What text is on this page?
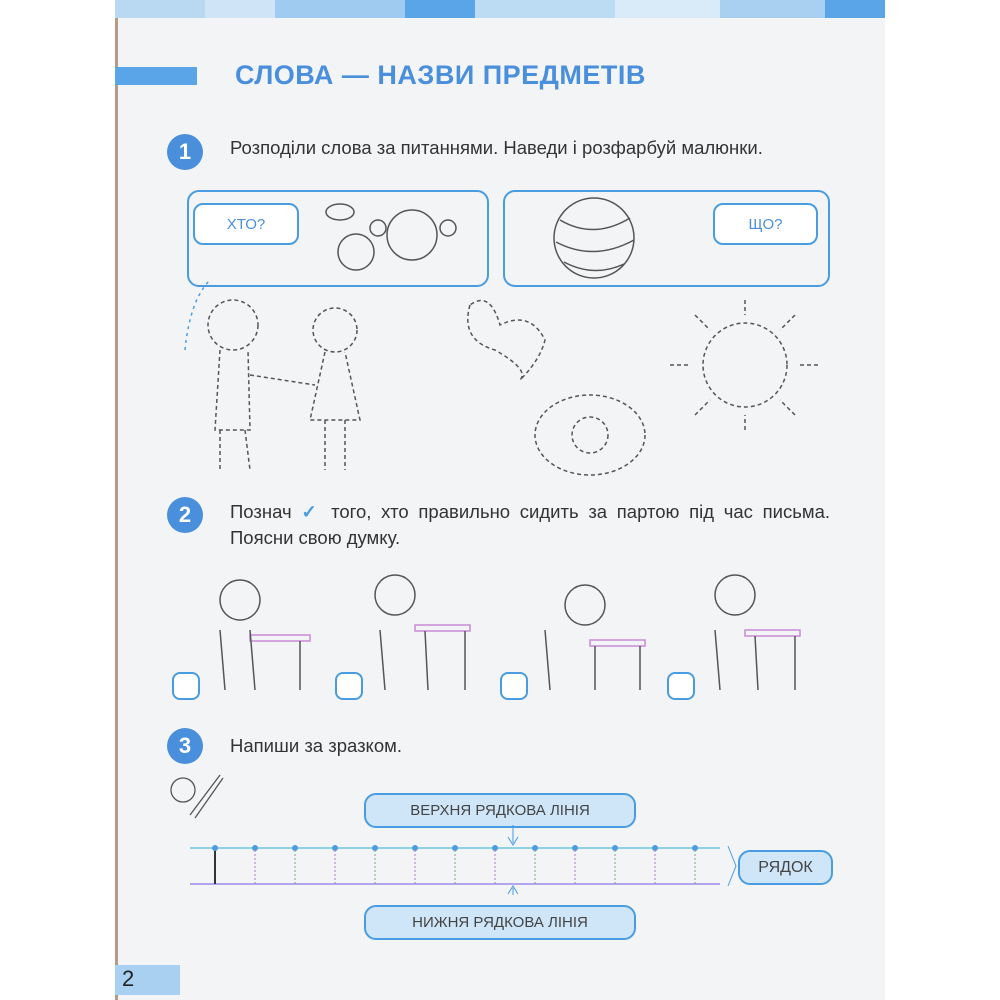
СЛОВА — НАЗВИ ПРЕДМЕТІВ
1	Розподіли слова за питаннями. Наведи і розфарбуй малюнки.
ХТО?	ЩО?
2	Познач ✓ того, хто правильно сидить за партою під час письма. Поясни свою думку.
3	Напиши за зразком.
ВЕРХНЯ РЯДКОВА ЛІНІЯ
НИЖНЯ РЯДКОВА ЛІНІЯ
РЯДОК
2
